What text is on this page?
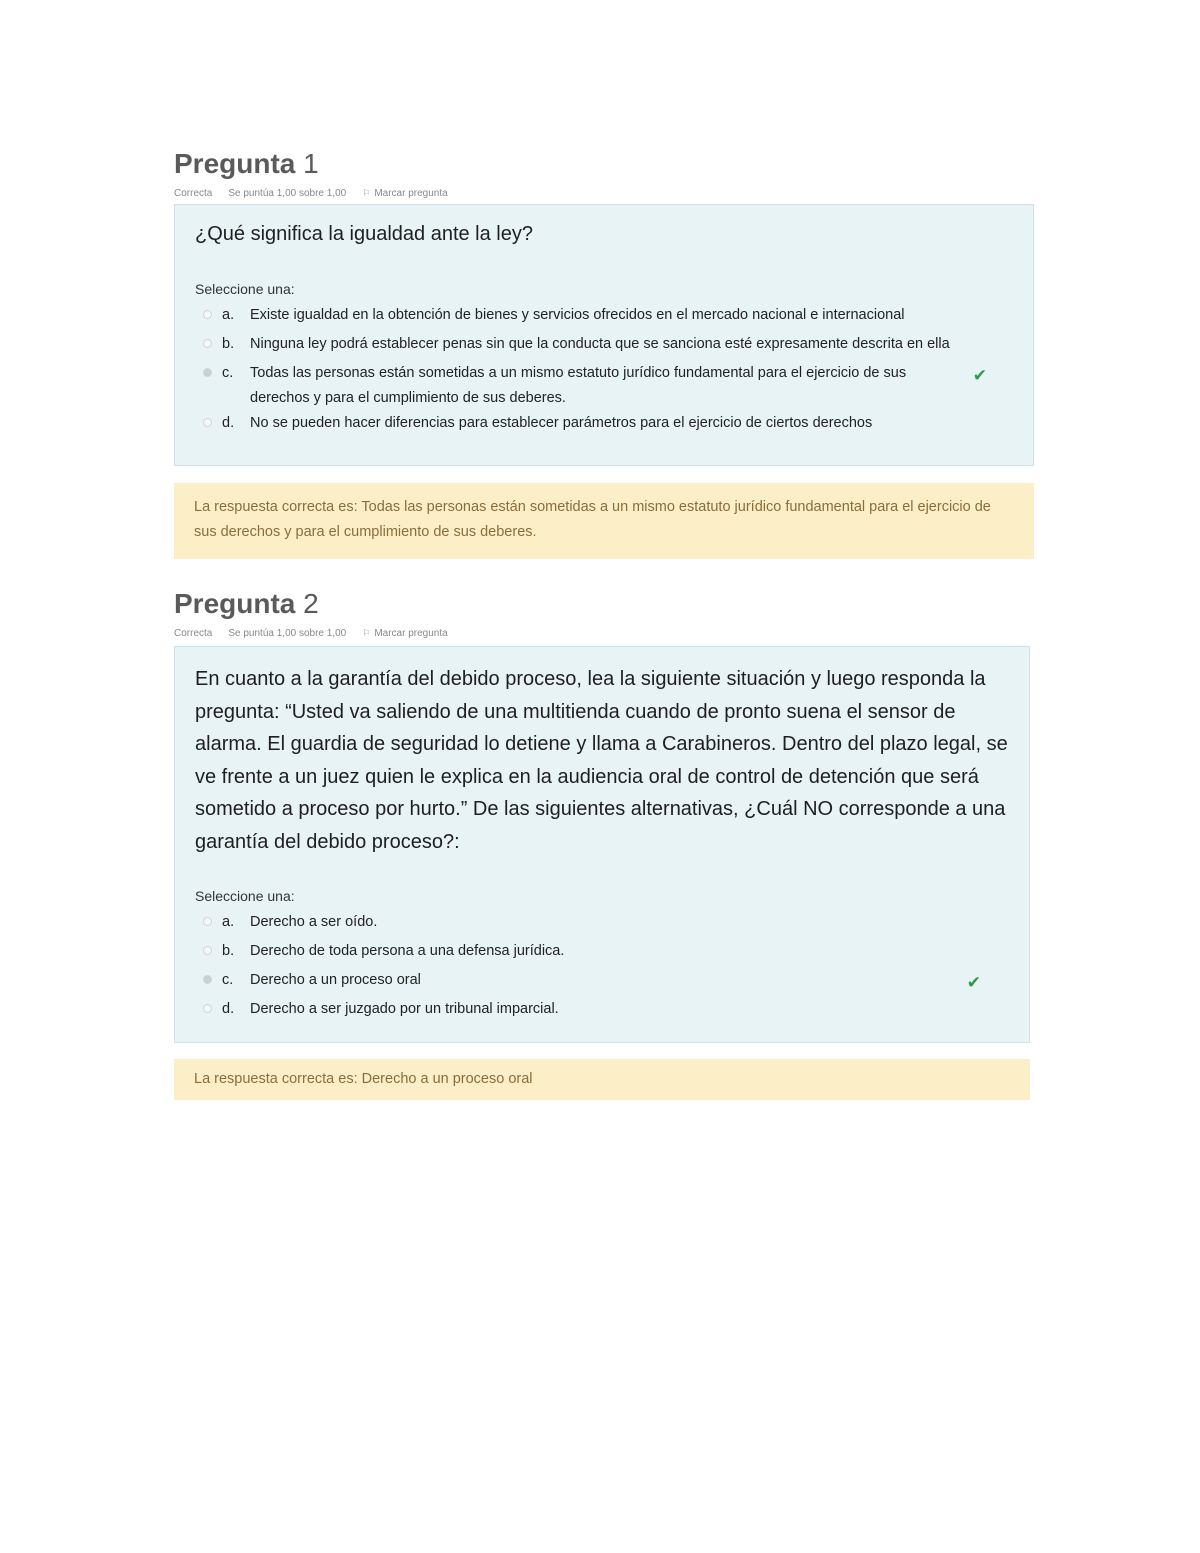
Pregunta 1
Correcta Se puntúa 1,00 sobre 1,00 ⚐ Marcar pregunta

¿Qué significa la igualdad ante la ley?

Seleccione una:
a.	Existe igualdad en la obtención de bienes y servicios ofrecidos en el mercado nacional e internacional
b.	Ninguna ley podrá establecer penas sin que la conducta que se sanciona esté expresamente descrita en ella
c.	Todas las personas están sometidas a un mismo estatuto jurídico fundamental para el ejercicio de sus derechos y para el cumplimiento de sus deberes.
✔
d.	No se pueden hacer diferencias para establecer parámetros para el ejercicio de ciertos derechos
La respuesta correcta es: Todas las personas están sometidas a un mismo estatuto jurídico fundamental para el ejercicio de sus derechos y para el cumplimiento de sus deberes.
Pregunta 2
Correcta Se puntúa 1,00 sobre 1,00 ⚐ Marcar pregunta

En cuanto a la garantía del debido proceso, lea la siguiente situación y luego responda la pregunta: “Usted va saliendo de una multitienda cuando de pronto suena el sensor de alarma. El guardia de seguridad lo detiene y llama a Carabineros. Dentro del plazo legal, se ve frente a un juez quien le explica en la audiencia oral de control de detención que será sometido a proceso por hurto.” De las siguientes alternativas, ¿Cuál NO corresponde a una garantía del debido proceso?:

Seleccione una:
a.	Derecho a ser oído.
b.	Derecho de toda persona a una defensa jurídica.
c.	Derecho a un proceso oral	✔
d.	Derecho a ser juzgado por un tribunal imparcial.
La respuesta correcta es: Derecho a un proceso oral
